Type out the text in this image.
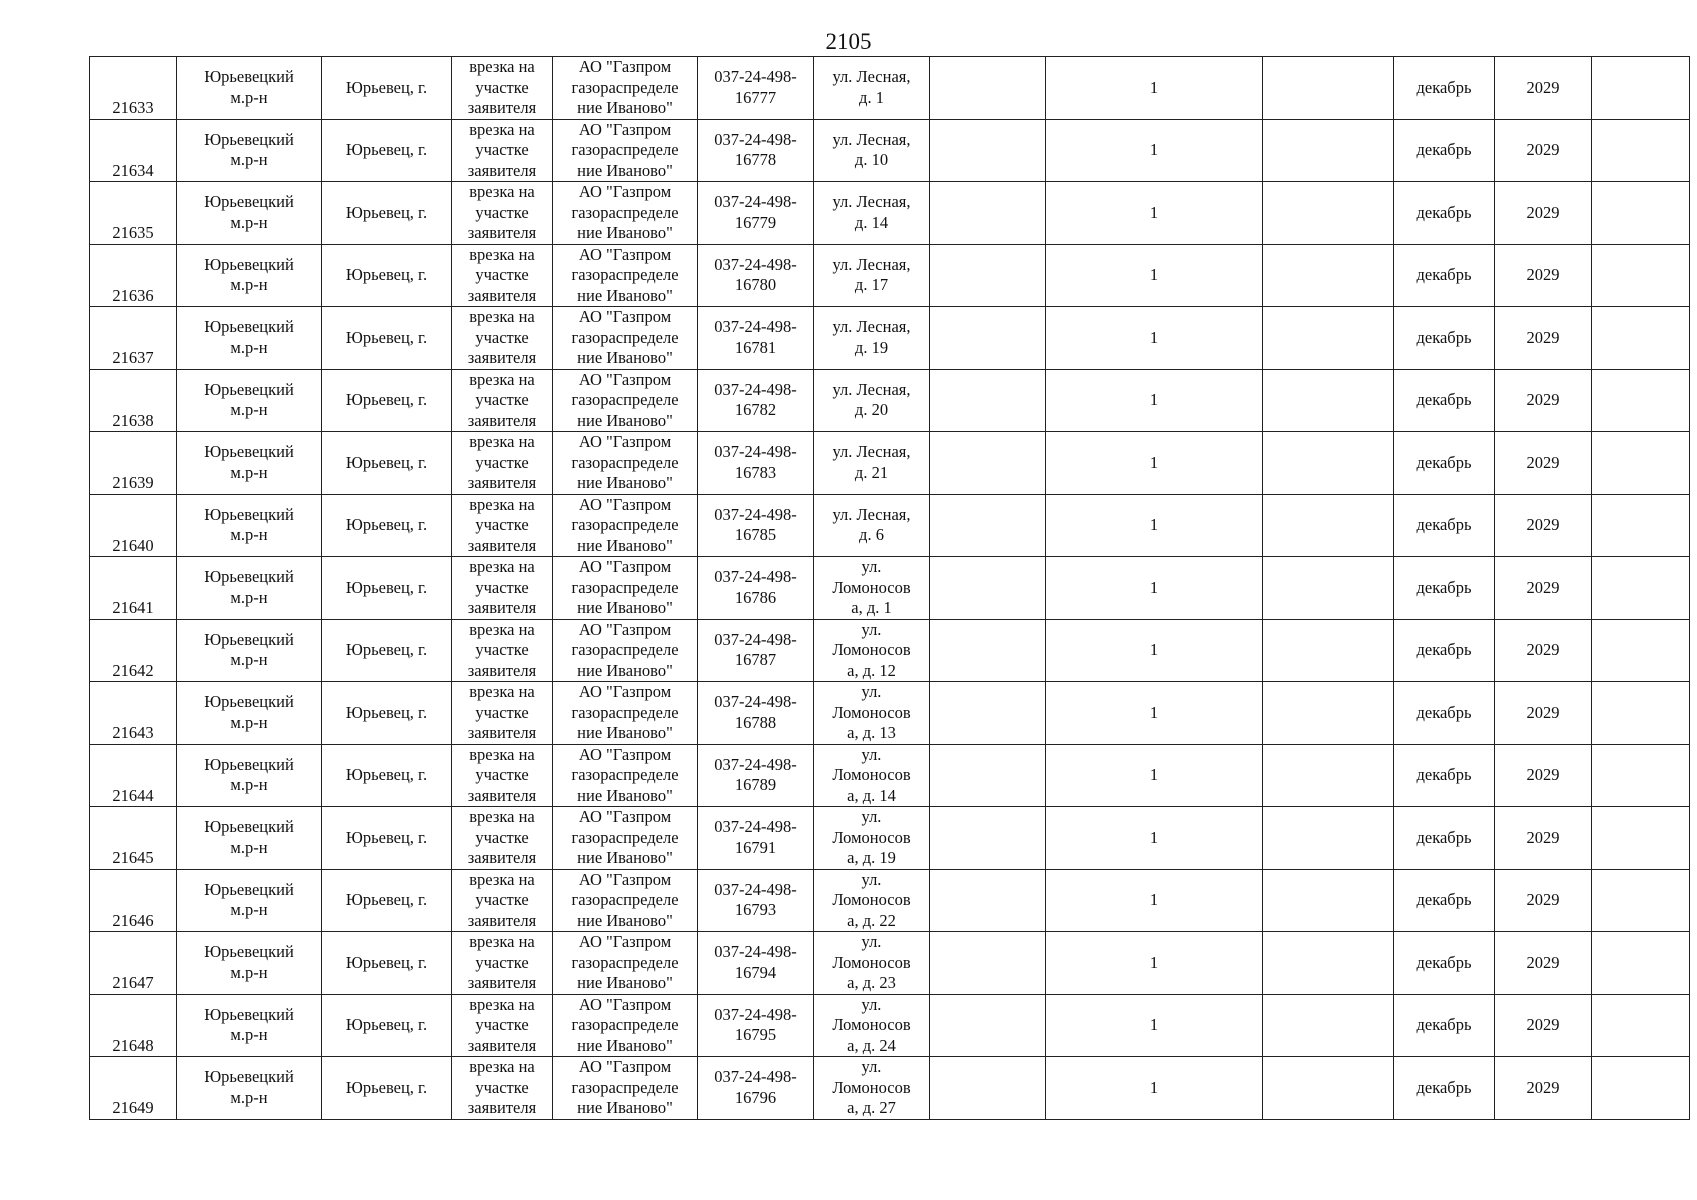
2105
21633	Юрьевецкий
м.р-н	Юрьевец, г.	врезка на
участке
заявителя	АО "Газпром
газораспределе
ние Иваново"	037-24-498-
16777	ул. Лесная,
д. 1		1		декабрь	2029	
21634	Юрьевецкий
м.р-н	Юрьевец, г.	врезка на
участке
заявителя	АО "Газпром
газораспределе
ние Иваново"	037-24-498-
16778	ул. Лесная,
д. 10		1		декабрь	2029	
21635	Юрьевецкий
м.р-н	Юрьевец, г.	врезка на
участке
заявителя	АО "Газпром
газораспределе
ние Иваново"	037-24-498-
16779	ул. Лесная,
д. 14		1		декабрь	2029	
21636	Юрьевецкий
м.р-н	Юрьевец, г.	врезка на
участке
заявителя	АО "Газпром
газораспределе
ние Иваново"	037-24-498-
16780	ул. Лесная,
д. 17		1		декабрь	2029	
21637	Юрьевецкий
м.р-н	Юрьевец, г.	врезка на
участке
заявителя	АО "Газпром
газораспределе
ние Иваново"	037-24-498-
16781	ул. Лесная,
д. 19		1		декабрь	2029	
21638	Юрьевецкий
м.р-н	Юрьевец, г.	врезка на
участке
заявителя	АО "Газпром
газораспределе
ние Иваново"	037-24-498-
16782	ул. Лесная,
д. 20		1		декабрь	2029	
21639	Юрьевецкий
м.р-н	Юрьевец, г.	врезка на
участке
заявителя	АО "Газпром
газораспределе
ние Иваново"	037-24-498-
16783	ул. Лесная,
д. 21		1		декабрь	2029	
21640	Юрьевецкий
м.р-н	Юрьевец, г.	врезка на
участке
заявителя	АО "Газпром
газораспределе
ние Иваново"	037-24-498-
16785	ул. Лесная,
д. 6		1		декабрь	2029	
21641	Юрьевецкий
м.р-н	Юрьевец, г.	врезка на
участке
заявителя	АО "Газпром
газораспределе
ние Иваново"	037-24-498-
16786	ул.
Ломоносов
а, д. 1		1		декабрь	2029	
21642	Юрьевецкий
м.р-н	Юрьевец, г.	врезка на
участке
заявителя	АО "Газпром
газораспределе
ние Иваново"	037-24-498-
16787	ул.
Ломоносов
а, д. 12		1		декабрь	2029	
21643	Юрьевецкий
м.р-н	Юрьевец, г.	врезка на
участке
заявителя	АО "Газпром
газораспределе
ние Иваново"	037-24-498-
16788	ул.
Ломоносов
а, д. 13		1		декабрь	2029	
21644	Юрьевецкий
м.р-н	Юрьевец, г.	врезка на
участке
заявителя	АО "Газпром
газораспределе
ние Иваново"	037-24-498-
16789	ул.
Ломоносов
а, д. 14		1		декабрь	2029	
21645	Юрьевецкий
м.р-н	Юрьевец, г.	врезка на
участке
заявителя	АО "Газпром
газораспределе
ние Иваново"	037-24-498-
16791	ул.
Ломоносов
а, д. 19		1		декабрь	2029	
21646	Юрьевецкий
м.р-н	Юрьевец, г.	врезка на
участке
заявителя	АО "Газпром
газораспределе
ние Иваново"	037-24-498-
16793	ул.
Ломоносов
а, д. 22		1		декабрь	2029	
21647	Юрьевецкий
м.р-н	Юрьевец, г.	врезка на
участке
заявителя	АО "Газпром
газораспределе
ние Иваново"	037-24-498-
16794	ул.
Ломоносов
а, д. 23		1		декабрь	2029	
21648	Юрьевецкий
м.р-н	Юрьевец, г.	врезка на
участке
заявителя	АО "Газпром
газораспределе
ние Иваново"	037-24-498-
16795	ул.
Ломоносов
а, д. 24		1		декабрь	2029	
21649	Юрьевецкий
м.р-н	Юрьевец, г.	врезка на
участке
заявителя	АО "Газпром
газораспределе
ние Иваново"	037-24-498-
16796	ул.
Ломоносов
а, д. 27		1		декабрь	2029	
